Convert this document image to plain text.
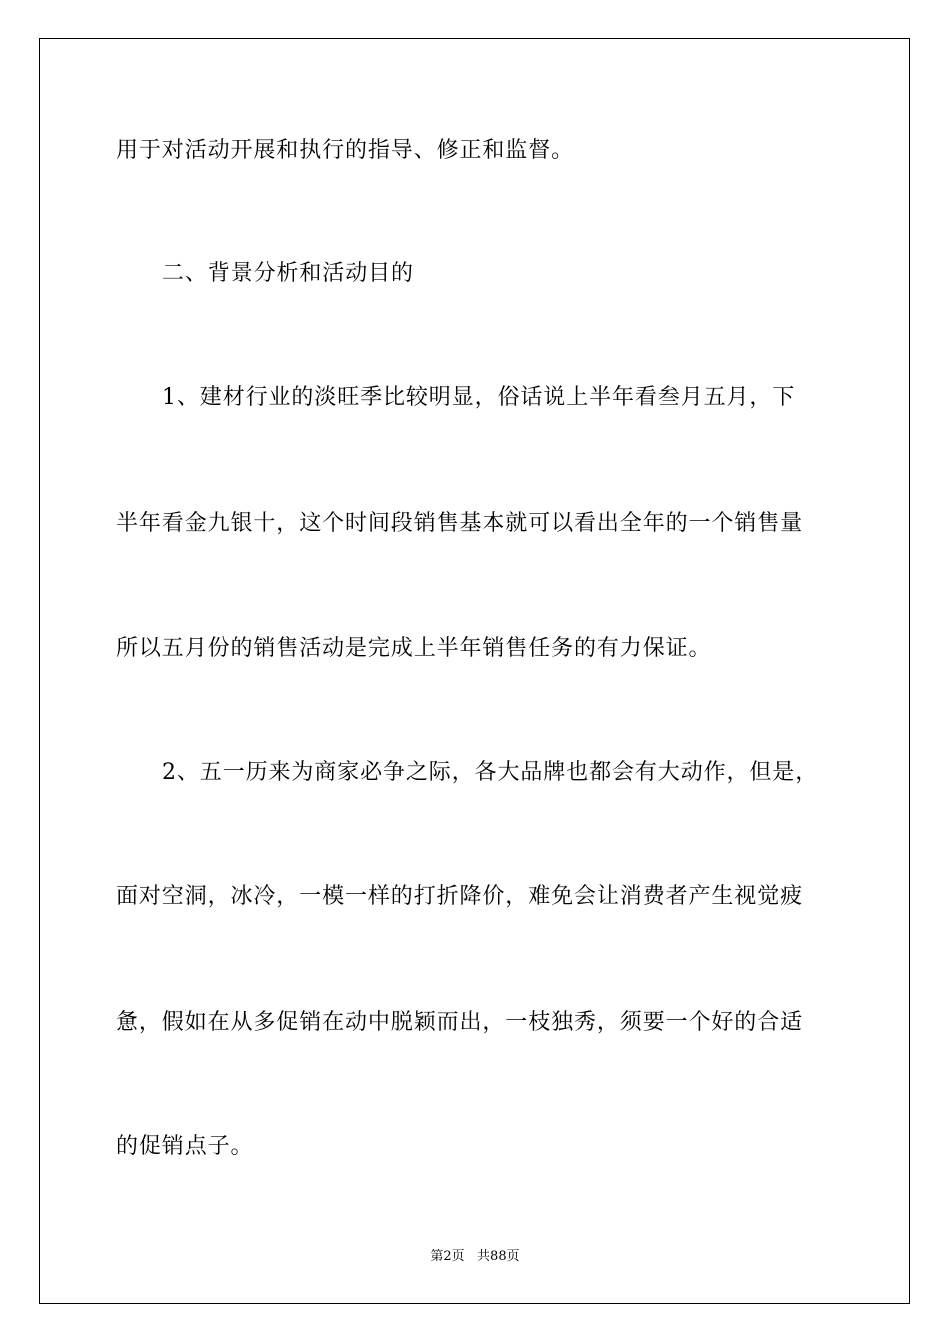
用于对活动开展和执行的指导、修正和监督。
二、背景分析和活动目的
1、建材行业的淡旺季比较明显，俗话说上半年看叁月五月，下
半年看金九银十，这个时间段销售基本就可以看出全年的一个销售量
所以五月份的销售活动是完成上半年销售任务的有力保证。
2、五一历来为商家必争之际，各大品牌也都会有大动作，但是，
面对空洞，冰冷，一模一样的打折降价，难免会让消费者产生视觉疲
惫，假如在从多促销在动中脱颖而出，一枝独秀，须要一个好的合适
的促销点子。
第2页   共88页
